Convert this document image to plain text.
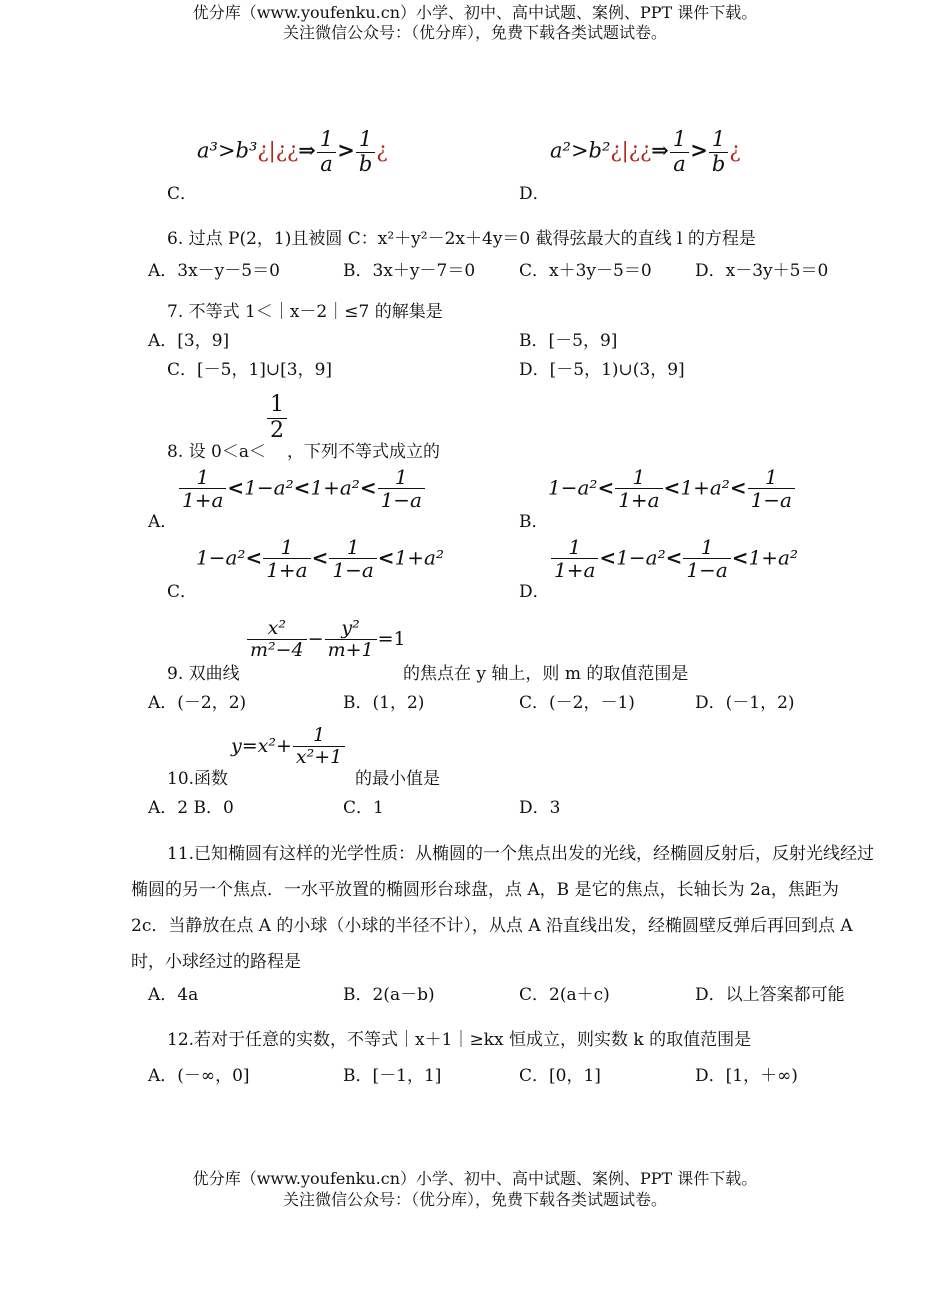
优分库（www.youfenku.cn）小学、初中、高中试题、案例、PPT 课件下载。
关注微信公众号：（优分库），免费下载各类试题试卷。
a³>b³¿|¿¿⇒ $\frac{1}{a} > \frac{1}{b}$ ¿
C．
a²>b²¿|¿¿⇒ $\frac{1}{a} > \frac{1}{b}$ ¿
D．
6. 过点 P(2，1)且被圆 C：x²＋y²－2x＋4y＝0 截得弦最大的直线 l 的方程是
A．3x－y－5＝0	B．3x＋y－7＝0	C．x＋3y－5＝0	D．x－3y＋5＝0
7. 不等式 1＜｜x－2｜≤7 的解集是
A．[3，9]	B．[－5，9]
C．[－5，1]∪[3，9]	D．[－5，1)∪(3，9]
$\frac{1}{2}$
8. 设 0＜a＜ ，下列不等式成立的
$\frac{1}{1+a} <1-a^2<1+a^2< \frac{1}{1-a}$
A．
$1-a^2< \frac{1}{1+a} <1+a^2< \frac{1}{1-a}$
B．
$1-a^2< \frac{1}{1+a} < \frac{1}{1-a} <1+a^2$
C．
$\frac{1}{1+a} <1-a^2< \frac{1}{1-a} <1+a^2$
D．
$\frac{\text{x²}}{\text{m²−4}} - \frac{\text{y²}}{m+1} =1$
9. 双曲线	的焦点在 y 轴上，则 m 的取值范围是
A．(－2，2)	B．(1，2)	C．(－2，－1)	D．(－1，2)
$y=x^2+ \frac{1}{\text{x²+1}}$
10.函数	的最小值是
A．2 B．0	C．1	D．3
11.已知椭圆有这样的光学性质：从椭圆的一个焦点出发的光线，经椭圆反射后，反射光线经过椭圆的另一个焦点．一水平放置的椭圆形台球盘，点 A，B 是它的焦点，长轴长为 2a，焦距为 2c．当静放在点 A 的小球（小球的半径不计），从点 A 沿直线出发，经椭圆壁反弹后再回到点 A 时，小球经过的路程是
A．4a	B．2(a－b)	C．2(a＋c)	D．以上答案都可能
12.若对于任意的实数，不等式｜x＋1｜≥kx 恒成立，则实数 k 的取值范围是
A．(－∞，0]	B．[－1，1]	C．[0，1]	D．[1，＋∞)
优分库（www.youfenku.cn）小学、初中、高中试题、案例、PPT 课件下载。
关注微信公众号：（优分库），免费下载各类试题试卷。
